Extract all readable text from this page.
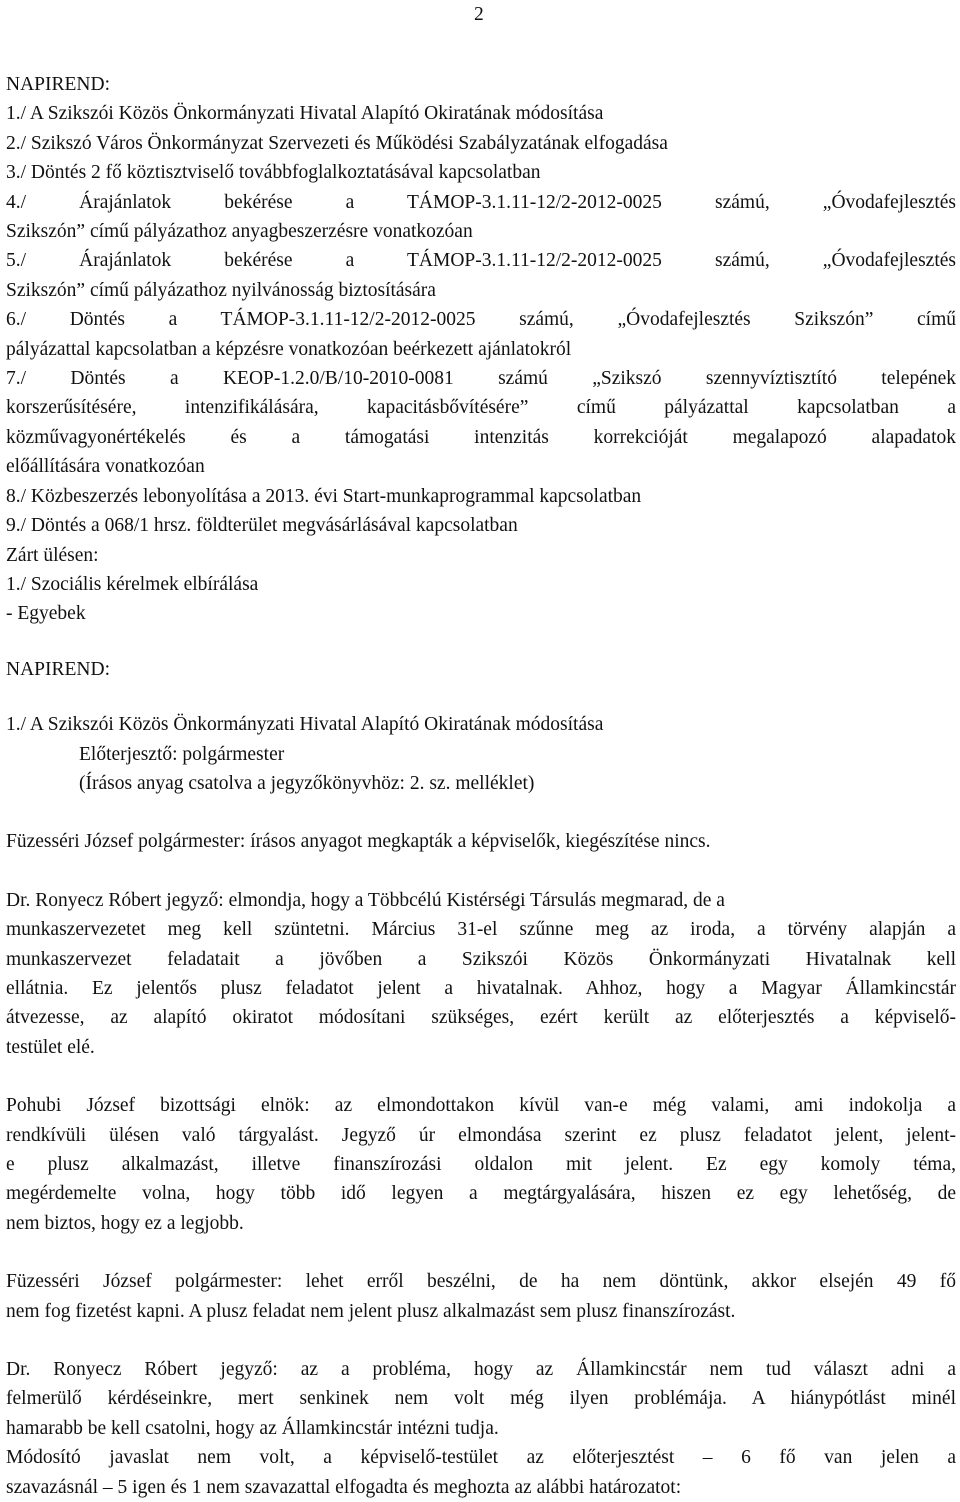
2

NAPIREND:

1./ A Szikszói Közös Önkormányzati Hivatal Alapító Okiratának módosítása

2./ Szikszó Város Önkormányzat Szervezeti és Működési Szabályzatának elfogadása

3./ Döntés 2 fő köztisztviselő továbbfoglalkoztatásával kapcsolatban

4./ Árajánlatok bekérése a TÁMOP-3.1.11-12/2-2012-0025 számú, „Óvodafejlesztés

Szikszón” című pályázathoz anyagbeszerzésre vonatkozóan

5./ Árajánlatok bekérése a TÁMOP-3.1.11-12/2-2012-0025 számú, „Óvodafejlesztés

Szikszón” című pályázathoz nyilvánosság biztosítására

6./ Döntés a TÁMOP-3.1.11-12/2-2012-0025 számú, „Óvodafejlesztés Szikszón” című

pályázattal kapcsolatban a képzésre vonatkozóan beérkezett ajánlatokról

7./ Döntés a KEOP-1.2.0/B/10-2010-0081 számú „Szikszó szennyvíztisztító telepének

korszerűsítésére, intenzifikálására, kapacitásbővítésére” című pályázattal kapcsolatban a

közművagyonértékelés és a támogatási intenzitás korrekcióját megalapozó alapadatok

előállítására vonatkozóan

8./ Közbeszerzés lebonyolítása a 2013. évi Start-munkaprogrammal kapcsolatban

9./ Döntés a 068/1 hrsz. földterület megvásárlásával kapcsolatban

Zárt ülésen:

1./ Szociális kérelmek elbírálása

- Egyebek

NAPIREND:

1./ A Szikszói Közös Önkormányzati Hivatal Alapító Okiratának módosítása

Előterjesztő: polgármester

(Írásos anyag csatolva a jegyzőkönyvhöz: 2. sz. melléklet)

Füzesséri József polgármester: írásos anyagot megkapták a képviselők, kiegészítése nincs.

Dr. Ronyecz Róbert jegyző: elmondja, hogy a Többcélú Kistérségi Társulás megmarad, de a

munkaszervezetet meg kell szüntetni. Március 31-el szűnne meg az iroda, a törvény alapján a

munkaszervezet feladatait a jövőben a Szikszói Közös Önkormányzati Hivatalnak kell

ellátnia. Ez jelentős plusz feladatot jelent a hivatalnak. Ahhoz, hogy a Magyar Államkincstár

átvezesse, az alapító okiratot módosítani szükséges, ezért került az előterjesztés a képviselő-

testület elé.

Pohubi József bizottsági elnök: az elmondottakon kívül van-e még valami, ami indokolja a

rendkívüli ülésen való tárgyalást. Jegyző úr elmondása szerint ez plusz feladatot jelent, jelent-

e plusz alkalmazást, illetve finanszírozási oldalon mit jelent. Ez egy komoly téma,

megérdemelte volna, hogy több idő legyen a megtárgyalására, hiszen ez egy lehetőség, de

nem biztos, hogy ez a legjobb.

Füzesséri József polgármester: lehet erről beszélni, de ha nem döntünk, akkor elsején 49 fő

nem fog fizetést kapni. A plusz feladat nem jelent plusz alkalmazást sem plusz finanszírozást.

Dr. Ronyecz Róbert jegyző: az a probléma, hogy az Államkincstár nem tud választ adni a

felmerülő kérdéseinkre, mert senkinek nem volt még ilyen problémája. A hiánypótlást minél

hamarabb be kell csatolni, hogy az Államkincstár intézni tudja.

Módosító javaslat nem volt, a képviselő-testület az előterjesztést – 6 fő van jelen a

szavazásnál – 5 igen és 1 nem szavazattal elfogadta és meghozta az alábbi határozatot:
